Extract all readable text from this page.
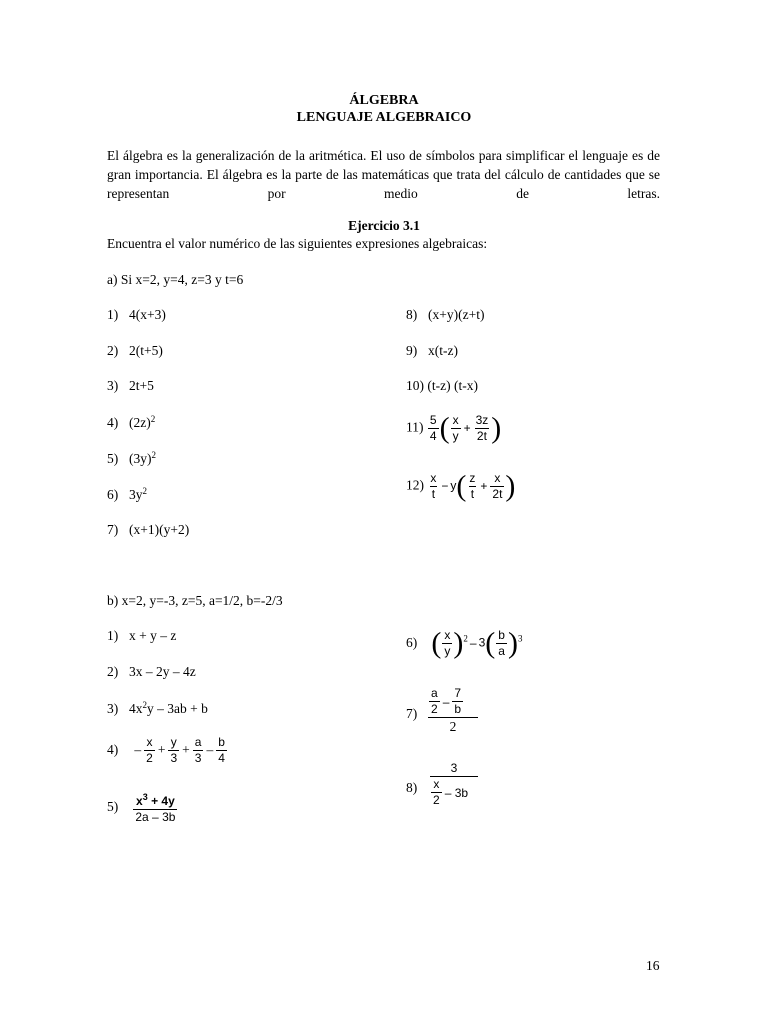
ÁLGEBRA
LENGUAJE ALGEBRAICO
El álgebra es la generalización de la aritmética. El uso de símbolos para simplificar el lenguaje es de gran importancia. El álgebra es la parte de las matemáticas que trata del cálculo de cantidades que se representan por medio de letras.
Ejercicio 3.1
Encuentra el valor numérico de las siguientes expresiones algebraicas:
a) Si x=2, y=4, z=3 y t=6
1) 4(x+3)
2) 2(t+5)
3) 2t+5
4) $(2z)^2$
5) $(3y)^2$
6) $3y^2$
7) (x+1)(y+2)
8) (x+y)(z+t)
9) x(t-z)
10) (t-z) (t-x)
$11) \frac{5}{4}$ ( $\frac{x}{y} + \frac{3z}{2t}$ )
$12) \frac{x}{t} - y( \frac{z}{t} + \frac{x}{2t}$ )
b) x=2, y=-3, z=5, a=1/2, b=-2/3
1) x + y – z
2) 3x – 2y – 4z
3) $4x^2y - 3ab + b$
$4) - \frac{x}{2} + \frac{y}{3} + \frac{a}{3} - \frac{b}{4}$
$5) \frac{x^3 + 4y}{2a - 3b}$
6) ( $\frac{x}{y} )^2 - 3( \frac{b}{a} )^3$
$7) \frac{\frac{a}{2} - \frac{7}{b}}{2}$
$8) \frac{3}{\frac{x}{2} - 3b}$
16
